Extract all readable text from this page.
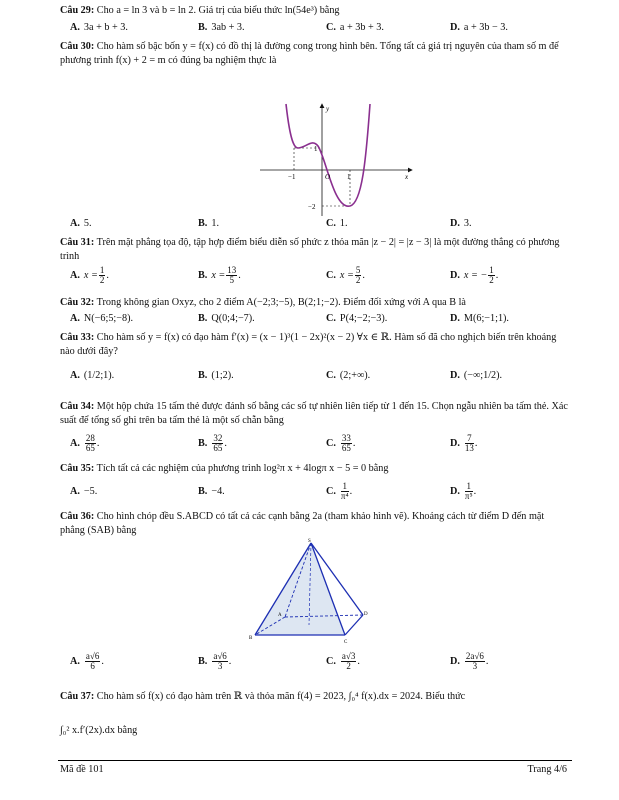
Câu 29: Cho a = ln 3 và b = ln 2. Giá trị của biểu thức ln(54e³) bằng
A. 3a + b + 3.	B. 3ab + 3.	C. a + 3b + 3.	D. a + 3b − 3.
Câu 30: Cho hàm số bậc bốn y = f(x) có đồ thị là đường cong trong hình bên. Tổng tất cả giá trị nguyên của tham số m để phương trình f(x) + 2 = m có đúng ba nghiệm thực là
y
x
O 1
−1
1
−2
A. 5.	B. 1.	C. 1.	D. 3.
Câu 31: Trên mặt phẳng tọa độ, tập hợp điểm biểu diễn số phức z thỏa mãn |z − 2| = |z − 3| là một đường thẳng có phương trình
A. $x = \frac{1}{2}$ .	B. $x = \frac{13}{5}$ .	C. $x = \frac{5}{2}$ .	D. x = − $\frac{1}{2}$ .
Câu 32: Trong không gian Oxyz, cho 2 điểm A(−2;3;−5), B(2;1;−2). Điểm đối xứng với A qua B là
A. N(−6;5;−8).	B. Q(0;4;−7).	C. P(4;−2;−3).	D. M(6;−1;1).
Câu 33: Cho hàm số y = f(x) có đạo hàm f′(x) = (x − 1)³(1 − 2x)²(x − 2) ∀x ∈ ℝ. Hàm số đã cho nghịch biến trên khoảng nào dưới đây?
A. (1/2;1).	B. (1;2).	C. (2;+∞).	D. (−∞;1/2).
Câu 34: Một hộp chứa 15 tấm thẻ được đánh số bằng các số tự nhiên liên tiếp từ 1 đến 15. Chọn ngẫu nhiên ba tấm thẻ. Xác suất để tổng số ghi trên ba tấm thẻ là một số chẵn bằng
A. $\frac{28}{65}$ .	B. $\frac{32}{65}$ .	C. $\frac{33}{65}$ .	D. $\frac{7}{13}$ .
Câu 35: Tích tất cả các nghiệm của phương trình log²π x + 4logπ x − 5 = 0 bằng
A. −5.	B. −4.	C. $\frac{1}{\text{π⁴}}$ .	D. $\frac{1}{\text{π⁵}}$ .
Câu 36: Cho hình chóp đều S.ABCD có tất cả các cạnh bằng 2a (tham khảo hình vẽ). Khoảng cách từ điểm D đến mặt phẳng (SAB) bằng
S
A
B
C
D
A. $\frac{a√6}{6}$ .	B. $\frac{a√6}{3}$ .	C. $\frac{a√3}{2}$ .	D. $\frac{2a√6}{3}$ .
Câu 37: Cho hàm số f(x) có đạo hàm trên ℝ và thỏa mãn f(4) = 2023, ∫₀⁴ f(x).dx = 2024. Biểu thức
∫₀² x.f′(2x).dx bằng
Mã đề 101	Trang 4/6
